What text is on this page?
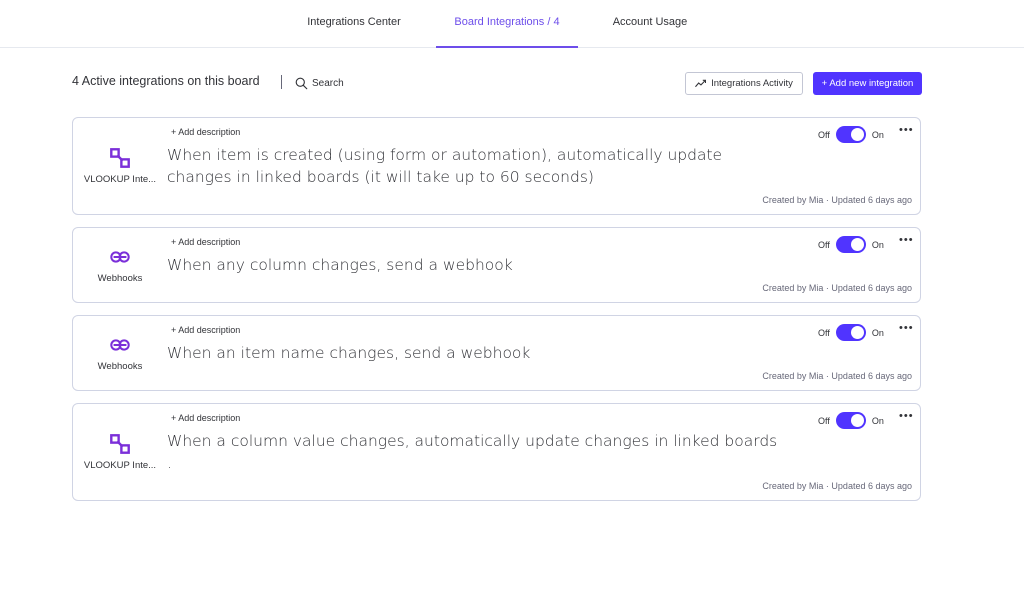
Integrations Center	Board Integrations / 4	Account Usage
4 Active integrations on this board	Search	Integrations Activity	+ Add new integration
VLOOKUP Inte...
+ Add description
When item is created (using form or automation), automatically update changes in linked boards (it will take up to 60 seconds)
Off	On •••
Created by Mia · Updated 6 days ago
Webhooks
+ Add description
When any column changes, send a webhook
Off	On •••
Created by Mia · Updated 6 days ago
Webhooks
+ Add description
When an item name changes, send a webhook
Off	On •••
Created by Mia · Updated 6 days ago
VLOOKUP Inte...
+ Add description
When a column value changes, automatically update changes in linked boards .
Off	On •••
Created by Mia · Updated 6 days ago
